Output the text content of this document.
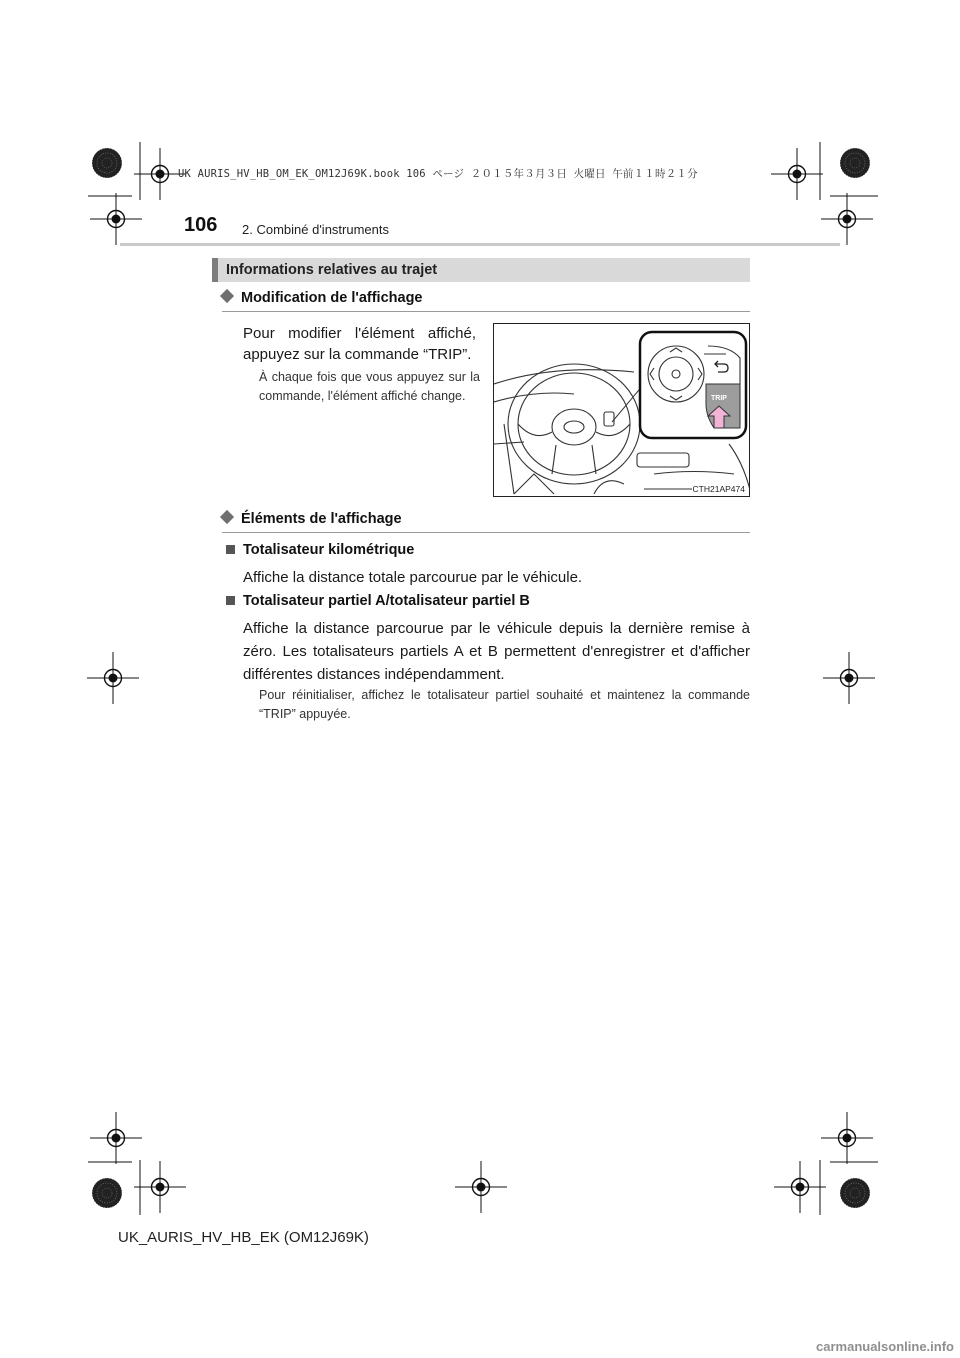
UK AURIS_HV_HB_OM_EK_OM12J69K.book 106 ページ ２０１５年３月３日 火曜日 午前１１時２１分
106 2. Combiné d'instruments
Informations relatives au trajet
Modification de l'affichage
Pour modifier l'élément affiché,
appuyez sur la commande “TRIP”.
À chaque fois que vous appuyez sur la commande, l'élément affiché change.	TRIP
CTH21AP474
Éléments de l'affichage
Totalisateur kilométrique
Affiche la distance totale parcourue par le véhicule.
Totalisateur partiel A/totalisateur partiel B
Affiche la distance parcourue par le véhicule depuis la dernière remise à zéro. Les totalisateurs partiels A et B permettent d'enregistrer et d'afficher différentes distances indépendamment.
Pour réinitialiser, affichez le totalisateur partiel souhaité et maintenez la commande “TRIP” appuyée.
UK_AURIS_HV_HB_EK (OM12J69K)
carmanualsonline.info
